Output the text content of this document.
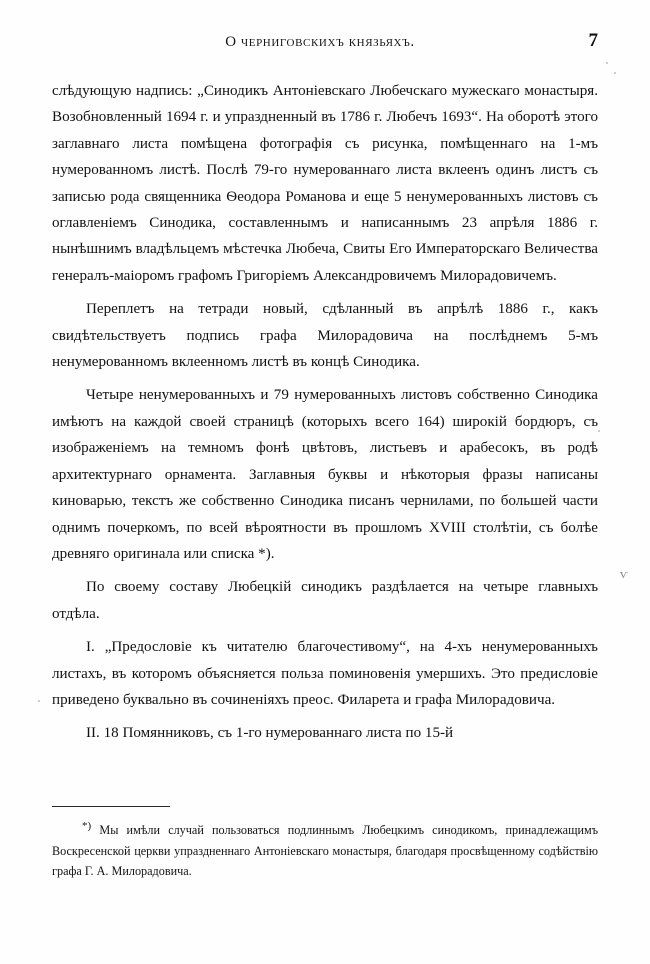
О черниговскихъ князьяхъ.	7

слѣдующую надпись: „Синодикъ Антоніевскаго Любечскаго мужескаго монастыря. Возобновленный 1694 г. и упраздненный въ 1786 г. Любечъ 1693“. На оборотѣ этого заглавнаго листа помѣщена фотографія съ рисунка, помѣщеннаго на 1-мъ нумерованномъ листѣ. Послѣ 79-го нумерованнаго листа вклеенъ одинъ листъ съ записью рода священника Ѳеодора Романова и еще 5 ненумерованныхъ листовъ съ оглавленіемъ Синодика, составленнымъ и написаннымъ 23 апрѣля 1886 г. нынѣшнимъ владѣльцемъ мѣстечка Любеча, Свиты Его Императорскаго Величества генералъ-маіоромъ графомъ Григоріемъ Александровичемъ Милорадовичемъ.

Переплетъ на тетради новый, сдѣланный въ апрѣлѣ 1886 г., какъ свидѣтельствуетъ подпись графа Милорадовича на послѣднемъ 5-мъ ненумерованномъ вклеенномъ листѣ въ концѣ Синодика.

Четыре ненумерованныхъ и 79 нумерованныхъ листовъ собственно Синодика имѣютъ на каждой своей страницѣ (которыхъ всего 164) широкій бордюръ, съ изображеніемъ на темномъ фонѣ цвѣтовъ, листьевъ и арабесокъ, въ родѣ архитектурнаго орнамента. Заглавныя буквы и нѣкоторыя фразы написаны киноварью, текстъ же собственно Синодика писанъ чернилами, по большей части однимъ почеркомъ, по всей вѣроятности въ прошломъ XVIII столѣтіи, съ болѣе древняго оригинала или списка *).

По своему составу Любецкій синодикъ раздѣлается на четыре главныхъ отдѣла.

I. „Предословіе къ читателю благочестивому“, на 4-хъ ненумерованныхъ листахъ, въ которомъ объясняется польза поминовенія умершихъ. Это предисловіе приведено буквально въ сочиненіяхъ преос. Филарета и графа Милорадовича.

II. 18 Помянниковъ, съ 1-го нумерованнаго листа по 15-й

*) Мы имѣли случай пользоваться подлиннымъ Любецкимъ синодикомъ, принадлежащимъ Воскресенской церкви упраздненнаго Антоніевскаго монастыря, благодаря просвѣщенному содѣйствію графа Г. А. Милорадовича.
ѵ
